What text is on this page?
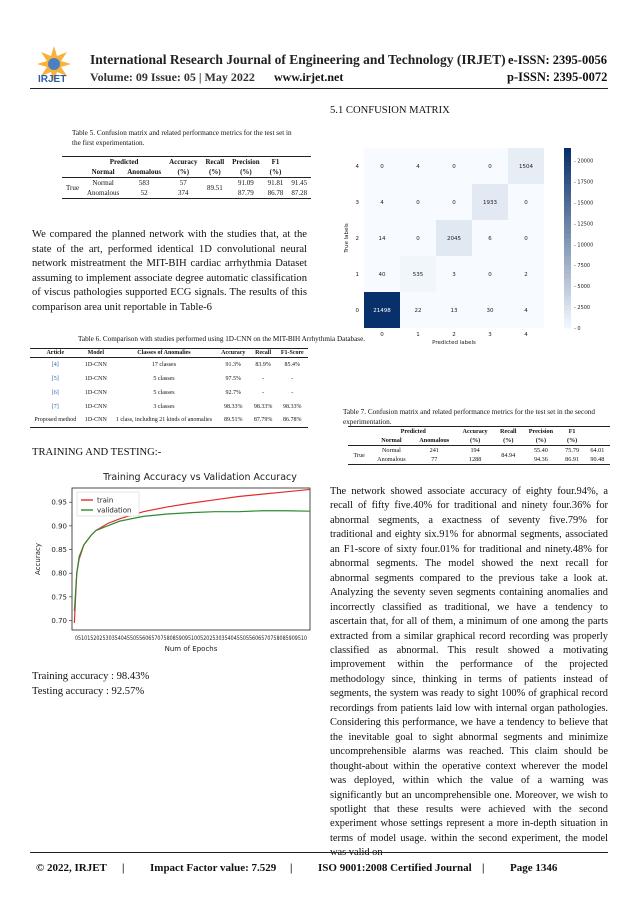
IRJET
International Research Journal of Engineering and Technology (IRJET) e-ISSN: 2395-0056
Volume: 09 Issue: 05 | May 2022 www.irjet.net	p-ISSN: 2395-0072
Table 5. Confusion matrix and related performance metrics for the test set in the first experimentation.
	Predicted		Accuracy	Recall	Precision	F1	
	Normal	Anomalous	(%)	(%)	(%)	(%)	
True	Normal	583	57	89.51	91.09	91.81	91.45
	Anomalous	52	374		87.79	86.78	87.28
We compared the planned network with the studies that, at the state of the art, performed identical 1D convolutional neural network mistreatment the MIT-BIH cardiac arrhythmia Dataset assuming to implement associate degree automatic classification of viscus pathologies supported ECG signals. The results of this comparison area unit reportable in Table-6
Table 6. Comparison with studies performed using 1D-CNN on the MIT-BIH Arrhythmia Database.
Article	Model	Classes of Anomalies	Accuracy	Recall	F1-Score
[4]	1D-CNN	17 classes	91.3%	83.9%	85.4%
[5]	1D-CNN	5 classes	97.5%	-	-
[6]	1D-CNN	5 classes	92.7%	-	-
[7]	1D-CNN	3 classes	98.33%	98.33%	98.33%
Proposed method	1D-CNN	1 class, including 21 kinds of anomalies	89.51%	87.79%	86.78%
TRAINING AND TESTING:-
Training Accuracy vs Validation Accuracy
0.70
0.75
0.80
0.85
0.90
0.95	train
validation
0510152025303540455055606570758085909510052025303540455055606570758085909510
Num of Epochs
Accuracy
Training accuracy : 98.43%
Testing accuracy : 92.57%
5.1 CONFUSION MATRIX
0	4	0	0	1504
4	0	0	1933	0
14	0	2045	6	0
40	535	3	0	2
21498	22	13	30	4
4
3
2
1
0
0	1	2	3	4
- 0
- 2500
- 5000
- 7500
- 10000
- 12500
- 15000
- 17500
- 20000
Predicted labels
True labels
Table 7. Confusion matrix and related performance metrics for the test set in the second experimentation.
	Predicted		Accuracy	Recall	Precision	F1	
	Normal	Anomalous	(%)	(%)	(%)	(%)	
True	Normal	241	194	84.94	55.40	75.79	64.01
	Anomalous	77	1288		94.36	86.91	90.48
The network showed associate accuracy of eighty four.94%, a recall of fifty five.40% for traditional and ninety four.36% for abnormal segments, a exactness of seventy five.79% for traditional and eighty six.91% for abnormal segments, associated an F1-score of sixty four.01% for traditional and ninety.48% for abnormal segments. The model showed the next recall for abnormal segments compared to the previous take a look at. Analyzing the seventy seven segments containing anomalies and incorrectly classified as traditional, we have a tendency to ascertain that, for all of them, a minimum of one among the parts extracted from a similar graphical record recording was properly classified as abnormal. This result showed a motivating improvement within the performance of the projected methodology since, thinking in terms of patients instead of segments, the system was ready to sight 100% of graphical record recordings from patients laid low with internal organ pathologies. Considering this performance, we have a tendency to believe that the inevitable goal to sight abnormal segments and minimize uncomprehensible alarms was reached. This claim should be thought-about within the operative context wherever the model was deployed, within which the value of a warning was significantly but an uncomprehensible one. Moreover, we wish to spotlight that these results were achieved with the second experiment whose settings represent a more in-depth situation in terms of model usage. within the second experiment, the model
© 2022, IRJET | Impact Factor value: 7.529 | ISO 9001:2008 Certified Journal | Page 1346
